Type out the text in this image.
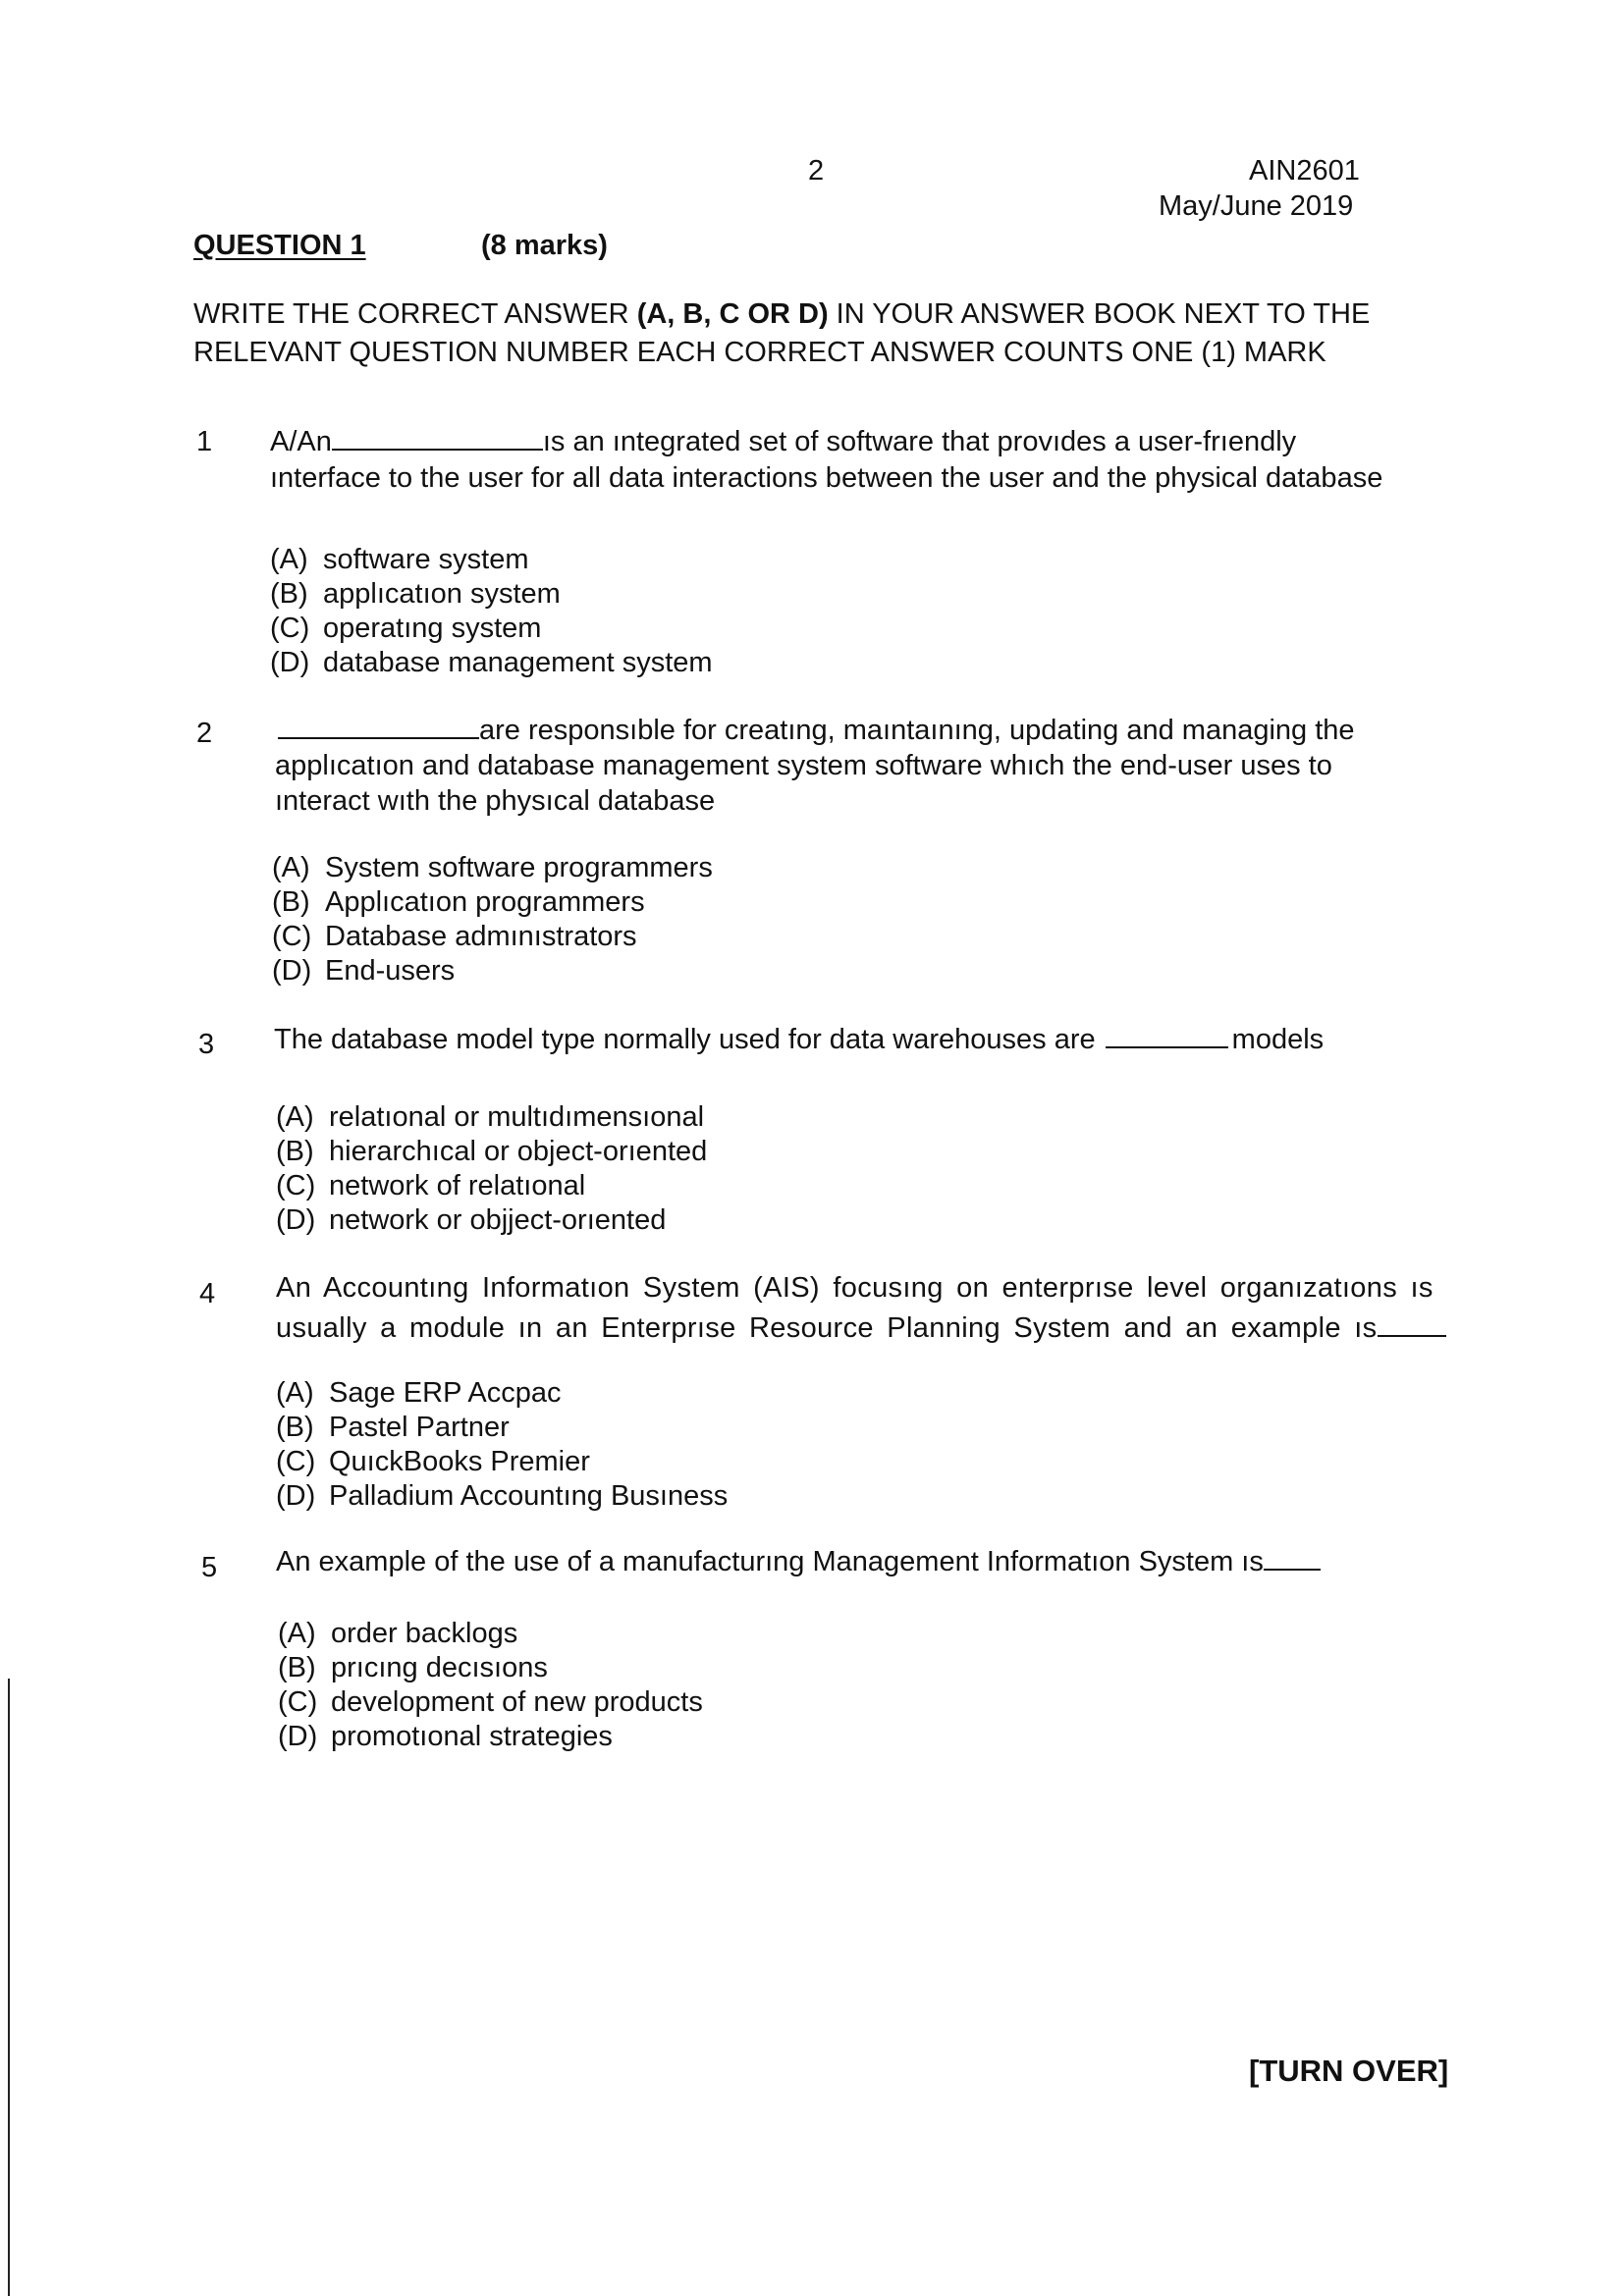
2	AIN2601
May/June 2019
QUESTION 1	(8 marks)
WRITE THE CORRECT ANSWER (A, B, C OR D) IN YOUR ANSWER BOOK NEXT TO THE
RELEVANT QUESTION NUMBER EACH CORRECT ANSWER COUNTS ONE (1) MARK
1	A/An	ıs an ıntegrated set of software that provıdes a user-frıendly
ınterface to the user for all data interactions between the user and the physical database
(A) software system
(B) applıcatıon system
(C) operatıng system
(D) database management system
2	are responsıble for creatıng, maıntaınıng, updating and managing the
applıcatıon and database management system software whıch the end-user uses to
ınteract wıth the physıcal database
(A) System software programmers
(B) Applıcatıon programmers
(C) Database admınıstrators
(D) End-users
3	The database model type normally used for data warehouses are	models
(A) relatıonal or multıdımensıonal
(B) hierarchıcal or object-orıented
(C) network of relatıonal
(D) network or objject-orıented
4	An Accountıng Informatıon System (AIS) focusıng on enterprıse level organızatıons ıs
usually a module ın an Enterprıse Resource Planning System and an example ıs
(A) Sage ERP Accpac
(B) Pastel Partner
(C) QuıckBooks Premier
(D) Palladium Accountıng Busıness
5	An example of the use of a manufacturıng Management Informatıon System ıs
(A) order backlogs
(B) prıcıng decısıons
(C) development of new products
(D) promotıonal strategies
[TURN OVER]
